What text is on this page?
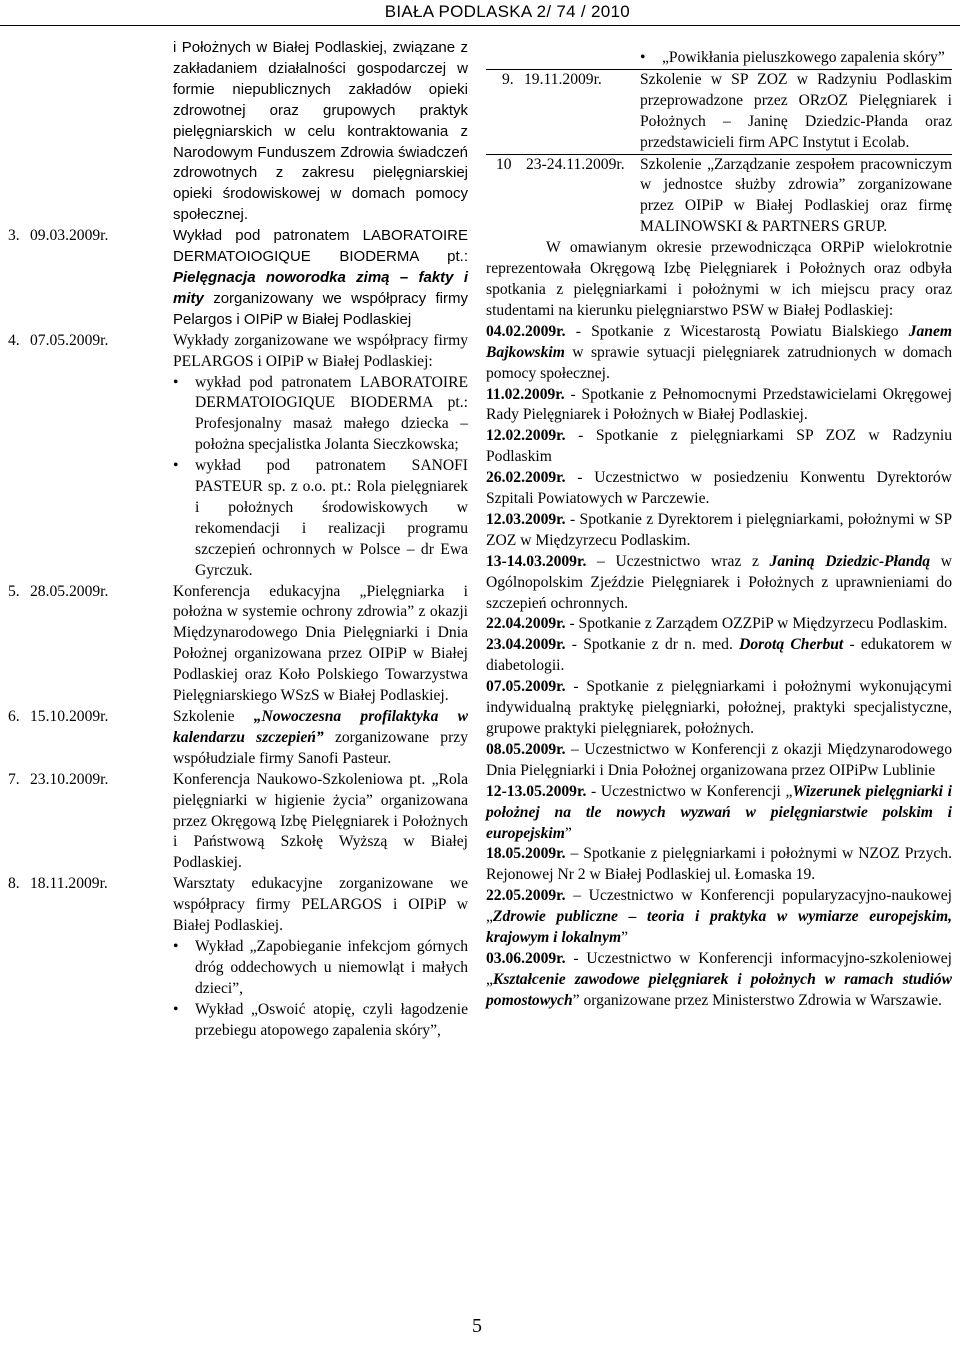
BIAŁA PODLASKA 2/ 74 / 2010
		i Położnych w Białej Podlaskiej, związane z zakładaniem działalności gospodarczej w formie niepublicznych zakładów opieki zdrowotnej oraz grupowych praktyk pielęgniarskich w celu kontraktowania z Narodowym Funduszem Zdrowia świadczeń zdrowotnych z zakresu pielęgniarskiej opieki środowiskowej w domach pomocy społecznej.
3.	09.03.2009r.	Wykład pod patronatem LABORATOIRE DERMATOIOGIQUE BIODERMA pt.: Pielęgnacja noworodka zimą – fakty i mity zorganizowany we współpracy firmy Pelargos i OIPiP w Białej Podlaskiej
4.	07.05.2009r.	Wykłady zorganizowane we współpracy firmy PELARGOS i OIPiP w Białej Podlaskiej:
• wykład pod patronatem LABORATOIRE DERMATOIOGIQUE BIODERMA pt.: Profesjonalny masaż małego dziecka – położna specjalistka Jolanta Sieczkowska;
• wykład pod patronatem SANOFI PASTEUR sp. z o.o. pt.: Rola pielęgniarek i położnych środowiskowych w rekomendacji i realizacji programu szczepień ochronnych w Polsce – dr Ewa Gyrczuk.

5.	28.05.2009r.	Konferencja edukacyjna „Pielęgniarka i położna w systemie ochrony zdrowia” z okazji Międzynarodowego Dnia Pielęgniarki i Dnia Położnej organizowana przez OIPiP w Białej Podlaskiej oraz Koło Polskiego Towarzystwa Pielęgniarskiego WSzS w Białej Podlaskiej.
6.	15.10.2009r.	Szkolenie „Nowoczesna profilaktyka w kalendarzu szczepień” zorganizowane przy współudziale firmy Sanofi Pasteur.
7.	23.10.2009r.	Konferencja Naukowo-Szkoleniowa pt. „Rola pielęgniarki w higienie życia” organizowana przez Okręgową Izbę Pielęgniarek i Położnych i Państwową Szkołę Wyższą w Białej Podlaskiej.
8.	18.11.2009r.	Warsztaty edukacyjne zorganizowane we współpracy firmy PELARGOS i OIPiP w Białej Podlaskiej.
• Wykład „Zapobieganie infekcjom górnych dróg oddechowych u niemowląt i małych dzieci”,
• Wykład „Oswoić atopię, czyli łagodzenie przebiegu atopowego zapalenia skóry”,

		• „Powikłania pieluszkowego zapalenia skóry”

9.	19.11.2009r.	Szkolenie w SP ZOZ w Radzyniu Podlaskim przeprowadzone przez ORzOZ Pielęgniarek i Położnych – Janinę Dziedzic-Płanda oraz przedstawicieli firm APC Instytut i Ecolab.
10	23-24.11.2009r.	Szkolenie „Zarządzanie zespołem pracowniczym w jednostce służby zdrowia” zorganizowane przez OIPiP w Białej Podlaskiej oraz firmę MALINOWSKI & PARTNERS GRUP.

W omawianym okresie przewodnicząca ORPiP wielokrotnie reprezentowała Okręgową Izbę Pielęgniarek i Położnych oraz odbyła spotkania z pielęgniarkami i położnymi w ich miejscu pracy oraz studentami na kierunku pielęgniarstwo PSW w Białej Podlaskiej:

04.02.2009r. - Spotkanie z Wicestarostą Powiatu Bialskiego Janem Bajkowskim w sprawie sytuacji pielęgniarek zatrudnionych w domach pomocy społecznej.

11.02.2009r. - Spotkanie z Pełnomocnymi Przedstawicielami Okręgowej Rady Pielęgniarek i Położnych w Białej Podlaskiej.

12.02.2009r. - Spotkanie z pielęgniarkami SP ZOZ w Radzyniu Podlaskim

26.02.2009r. - Uczestnictwo w posiedzeniu Konwentu Dyrektorów Szpitali Powiatowych w Parczewie.

12.03.2009r. - Spotkanie z Dyrektorem i pielęgniarkami, położnymi w SP ZOZ w Międzyrzecu Podlaskim.

13-14.03.2009r. – Uczestnictwo wraz z Janiną Dziedzic-Płandą w Ogólnopolskim Zjeździe Pielęgniarek i Położnych z uprawnieniami do szczepień ochronnych.

22.04.2009r. - Spotkanie z Zarządem OZZPiP w Międzyrzecu Podlaskim.

23.04.2009r. - Spotkanie z dr n. med. Dorotą Cherbut - edukatorem w diabetologii.

07.05.2009r. - Spotkanie z pielęgniarkami i położnymi wykonującymi indywidualną praktykę pielęgniarki, położnej, praktyki specjalistyczne, grupowe praktyki pielęgniarek, położnych.

08.05.2009r. – Uczestnictwo w Konferencji z okazji Międzynarodowego Dnia Pielęgniarki i Dnia Położnej organizowana przez OIPiPw Lublinie

12-13.05.2009r. - Uczestnictwo w Konferencji „Wizerunek pielęgniarki i położnej na tle nowych wyzwań w pielęgniarstwie polskim i europejskim”

18.05.2009r. – Spotkanie z pielęgniarkami i położnymi w NZOZ Przych. Rejonowej Nr 2 w Białej Podlaskiej ul. Łomaska 19.

22.05.2009r. – Uczestnictwo w Konferencji popularyzacyjno-naukowej „Zdrowie publiczne – teoria i praktyka w wymiarze europejskim, krajowym i lokalnym”

03.06.2009r. - Uczestnictwo w Konferencji informacyjno-szkoleniowej „Kształcenie zawodowe pielęgniarek i położnych w ramach studiów pomostowych” organizowane przez Ministerstwo Zdrowia w Warszawie.

5
